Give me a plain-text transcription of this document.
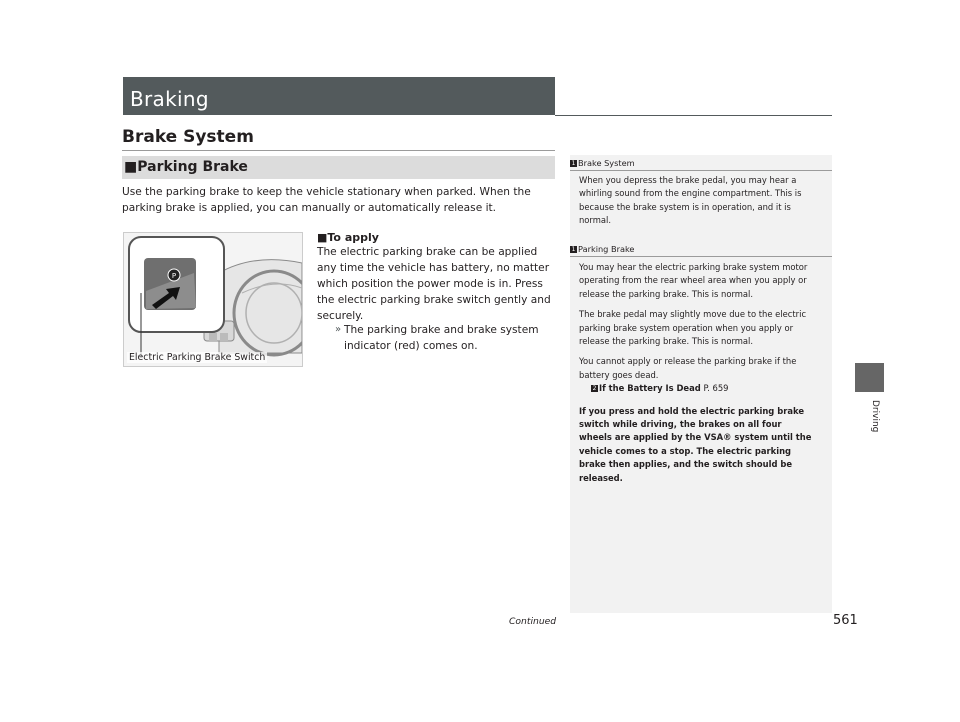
Braking
Brake System
■Parking Brake
Use the parking brake to keep the vehicle stationary when parked. When the parking brake is applied, you can manually or automatically release it.
P
Electric Parking Brake Switch
■To apply
The electric parking brake can be applied any time the vehicle has battery, no matter which position the power mode is in. Press the electric parking brake switch gently and securely.
» The parking brake and brake system indicator (red) comes on.
1 Brake System
When you depress the brake pedal, you may hear a whirling sound from the engine compartment. This is because the brake system is in operation, and it is normal.
1 Parking Brake
You may hear the electric parking brake system motor operating from the rear wheel area when you apply or release the parking brake. This is normal.
The brake pedal may slightly move due to the electric parking brake system operation when you apply or release the parking brake. This is normal.
You cannot apply or release the parking brake if the battery goes dead.
2 If the Battery Is Dead P. 659
If you press and hold the electric parking brake switch while driving, the brakes on all four wheels are applied by the VSA® system until the vehicle comes to a stop. The electric parking brake then applies, and the switch should be released.
Driving
Continued	561
